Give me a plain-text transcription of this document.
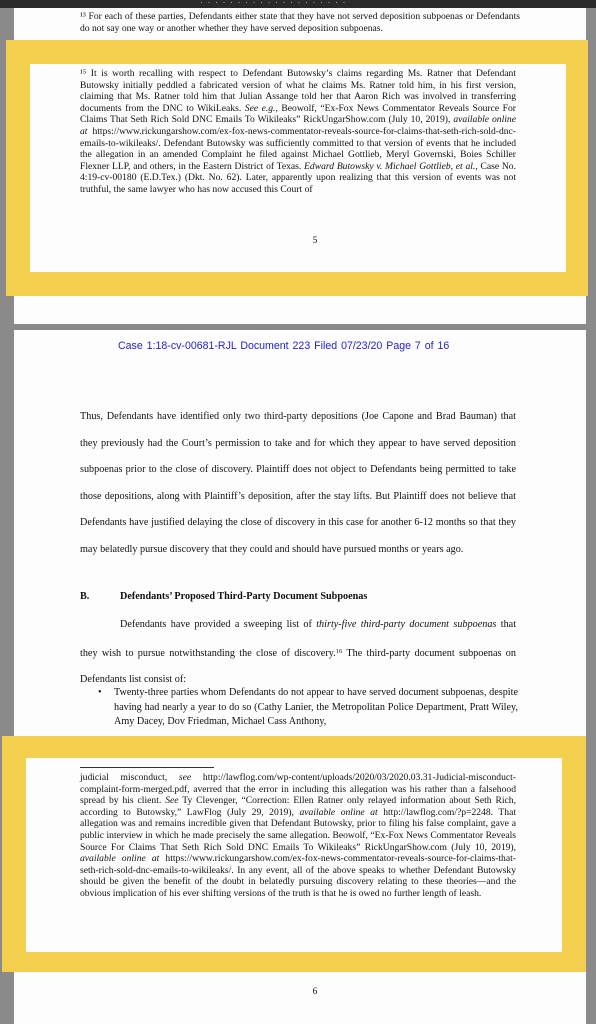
· · · · · · · · · · · · · · · · · · · ·
¹³ For each of these parties, Defendants either state that they have not served deposition subpoenas or Defendants do not say one way or another whether they have served deposition subpoenas.
¹⁵ It is worth recalling with respect to Defendant Butowsky’s claims regarding Ms. Ratner that Defendant Butowsky initially peddled a fabricated version of what he claims Ms. Ratner told him, in his first version, claiming that Ms. Ratner told him that Julian Assange told her that Aaron Rich was involved in transferring documents from the DNC to WikiLeaks. See e.g., Beowolf, “Ex-Fox News Commentator Reveals Source For Claims That Seth Rich Sold DNC Emails To Wikileaks” RickUngarShow.com (July 10, 2019), available online at https://www.rickungarshow.com/ex-fox-news-commentator-reveals-source-for-claims-that-seth-rich-sold-dnc-emails-to-wikileaks/. Defendant Butowsky was sufficiently committed to that version of events that he included the allegation in an amended Complaint he filed against Michael Gottlieb, Meryl Governski, Boies Schiller Flexner LLP, and others, in the Eastern District of Texas. Edward Butowsky v. Michael Gottlieb, et al., Case No. 4:19-cv-00180 (E.D.Tex.) (Dkt. No. 62). Later, apparently upon realizing that this version of events was not truthful, the same lawyer who has now accused this Court of
5
Case 1:18-cv-00681-RJL Document 223 Filed 07/23/20 Page 7 of 16
Thus, Defendants have identified only two third-party depositions (Joe Capone and Brad Bauman) that they previously had the Court’s permission to take and for which they appear to have served deposition subpoenas prior to the close of discovery. Plaintiff does not object to Defendants being permitted to take those depositions, along with Plaintiff’s deposition, after the stay lifts. But Plaintiff does not believe that Defendants have justified delaying the close of discovery in this case for another 6-12 months so that they may belatedly pursue discovery that they could and should have pursued months or years ago.
B.	Defendants’ Proposed Third-Party Document Subpoenas
Defendants have provided a sweeping list of thirty-five third-party document subpoenas that they wish to pursue notwithstanding the close of discovery.$^{16}$ The third-party document subpoenas on Defendants list consist of:
• Twenty-three parties whom Defendants do not appear to have served document subpoenas, despite having had nearly a year to do so (Cathy Lanier, the Metropolitan Police Department, Pratt Wiley, Amy Dacey, Dov Friedman, Michael Cass Anthony,
judicial misconduct, see http://lawflog.com/wp-content/uploads/2020/03/2020.03.31-Judicial-misconduct-complaint-form-merged.pdf, averred that the error in including this allegation was his rather than a falsehood spread by his client. See Ty Clevenger, “Correction: Ellen Ratner only relayed information about Seth Rich, according to Butowsky,” LawFlog (July 29, 2019), available online at http://lawflog.com/?p=2248. That allegation was and remains incredible given that Defendant Butowsky, prior to filing his false complaint, gave a public interview in which he made precisely the same allegation. Beowolf, “Ex-Fox News Commentator Reveals Source For Claims That Seth Rich Sold DNC Emails To Wikileaks” RickUngarShow.com (July 10, 2019), available online at https://www.rickungarshow.com/ex-fox-news-commentator-reveals-source-for-claims-that-seth-rich-sold-dnc-emails-to-wikileaks/. In any event, all of the above speaks to whether Defendant Butowsky should be given the benefit of the doubt in belatedly pursuing discovery relating to these theories—and the obvious implication of his ever shifting versions of the truth is that he is owed no further length of leash.
6
